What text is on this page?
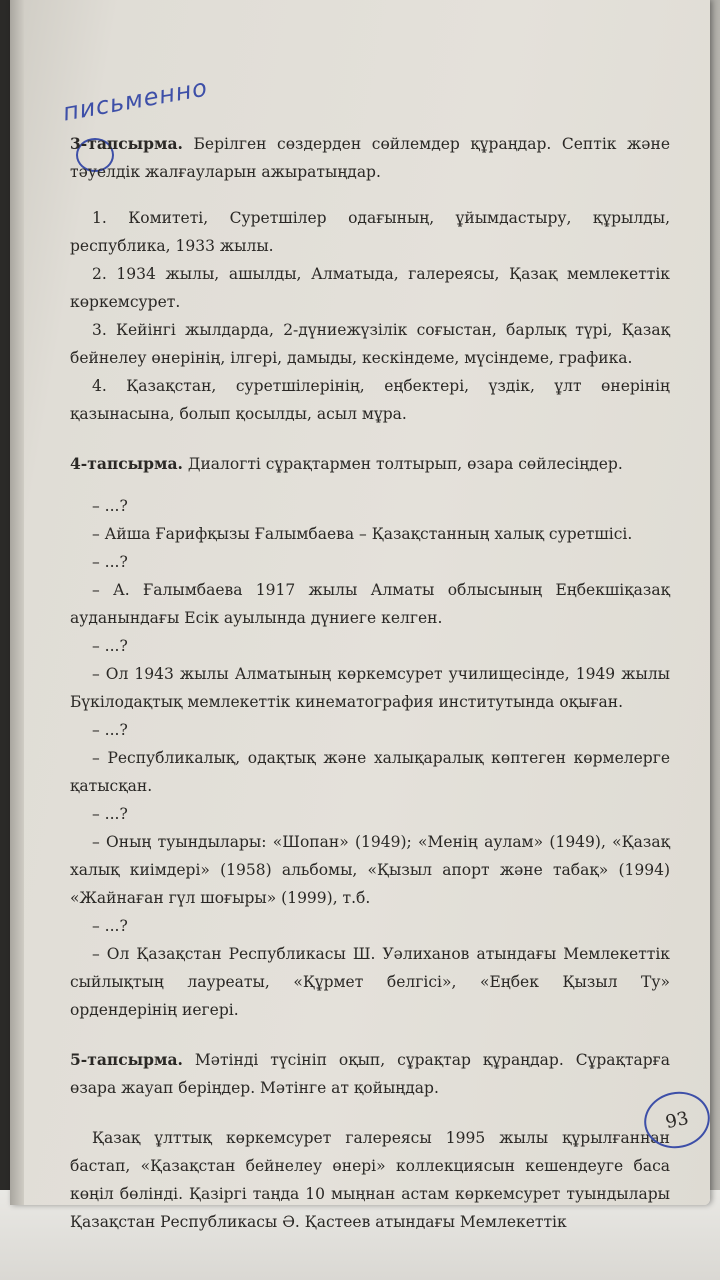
письменно

3-тапсырма. Берілген сөздерден сөйлемдер құраңдар. Септік және тәуелдік жалғауларын ажыратыңдар.

1. Комитеті, Суретшілер одағының, ұйымдастыру, құрылды, республика, 1933 жылы.

2. 1934 жылы, ашылды, Алматыда, галереясы, Қазақ мемлекеттік көркемсурет.

3. Кейінгі жылдарда, 2-дүниежүзілік соғыстан, барлық түрі, Қазақ бейнелеу өнерінің, ілгері, дамыды, кескіндеме, мүсіндеме, графика.

4. Қазақстан, суретшілерінің, еңбектері, үздік, ұлт өнерінің қазынасына, болып қосылды, асыл мұра.

4-тапсырма. Диалогті сұрақтармен толтырып, өзара сөйлесіңдер.

– ...?

– Айша Ғарифқызы Ғалымбаева – Қазақстанның халық суретшісі.

– ...?

– А. Ғалымбаева 1917 жылы Алматы облысының Еңбекшіқазақ ауданындағы Есік ауылында дүниеге келген.

– ...?

– Ол 1943 жылы Алматының көркемсурет училищесінде, 1949 жылы Бүкілодақтық мемлекеттік кинематография институтында оқыған.

– ...?

– Республикалық, одақтық және халықаралық көптеген көрмелерге қатысқан.

– ...?

– Оның туындылары: «Шопан» (1949); «Менің аулам» (1949), «Қазақ халық киімдері» (1958) альбомы, «Қызыл апорт және табақ» (1994) «Жайнаған гүл шоғыры» (1999), т.б.

– ...?

– Ол Қазақстан Республикасы Ш. Уәлиханов атындағы Мемлекеттік сыйлықтың лауреаты, «Құрмет белгісі», «Еңбек Қызыл Ту» ордендерінің иегері.

5-тапсырма. Мәтінді түсініп оқып, сұрақтар құраңдар. Сұрақтарға өзара жауап беріңдер. Мәтінге ат қойыңдар.

Қазақ ұлттық көркемсурет галереясы 1995 жылы құрылғаннан бастап, «Қазақстан бейнелеу өнері» коллекциясын кешендеуге баса көңіл бөлінді. Қазіргі таңда 10 мыңнан астам көркемсурет туындылары Қазақстан Республикасы Ә. Қастеев атындағы Мемлекеттік

93
